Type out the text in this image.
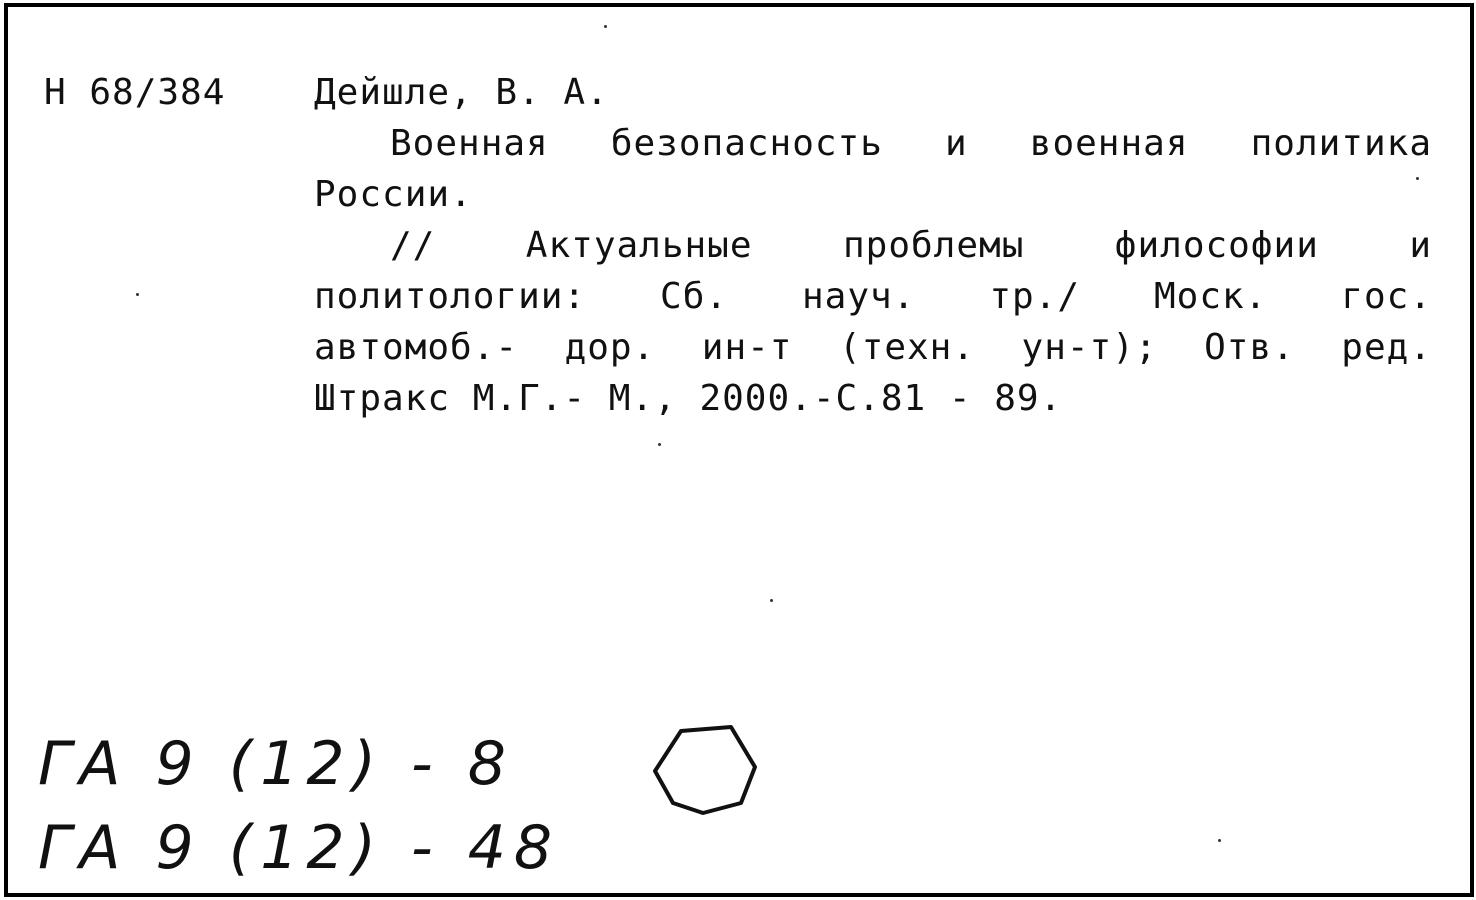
Н 68/384 Дейшле, В. А.
Военная безопасность и военная политика
России.
// Актуальные проблемы философии и
политологии: Сб. науч. тр./ Моск. гос.
автомоб.- дор. ин-т (техн. ун-т); Отв. ред.
Штракс М.Г.- М., 2000.-С.81 - 89.
ГА 9 (12) - 8
ГА 9 (12) - 48
